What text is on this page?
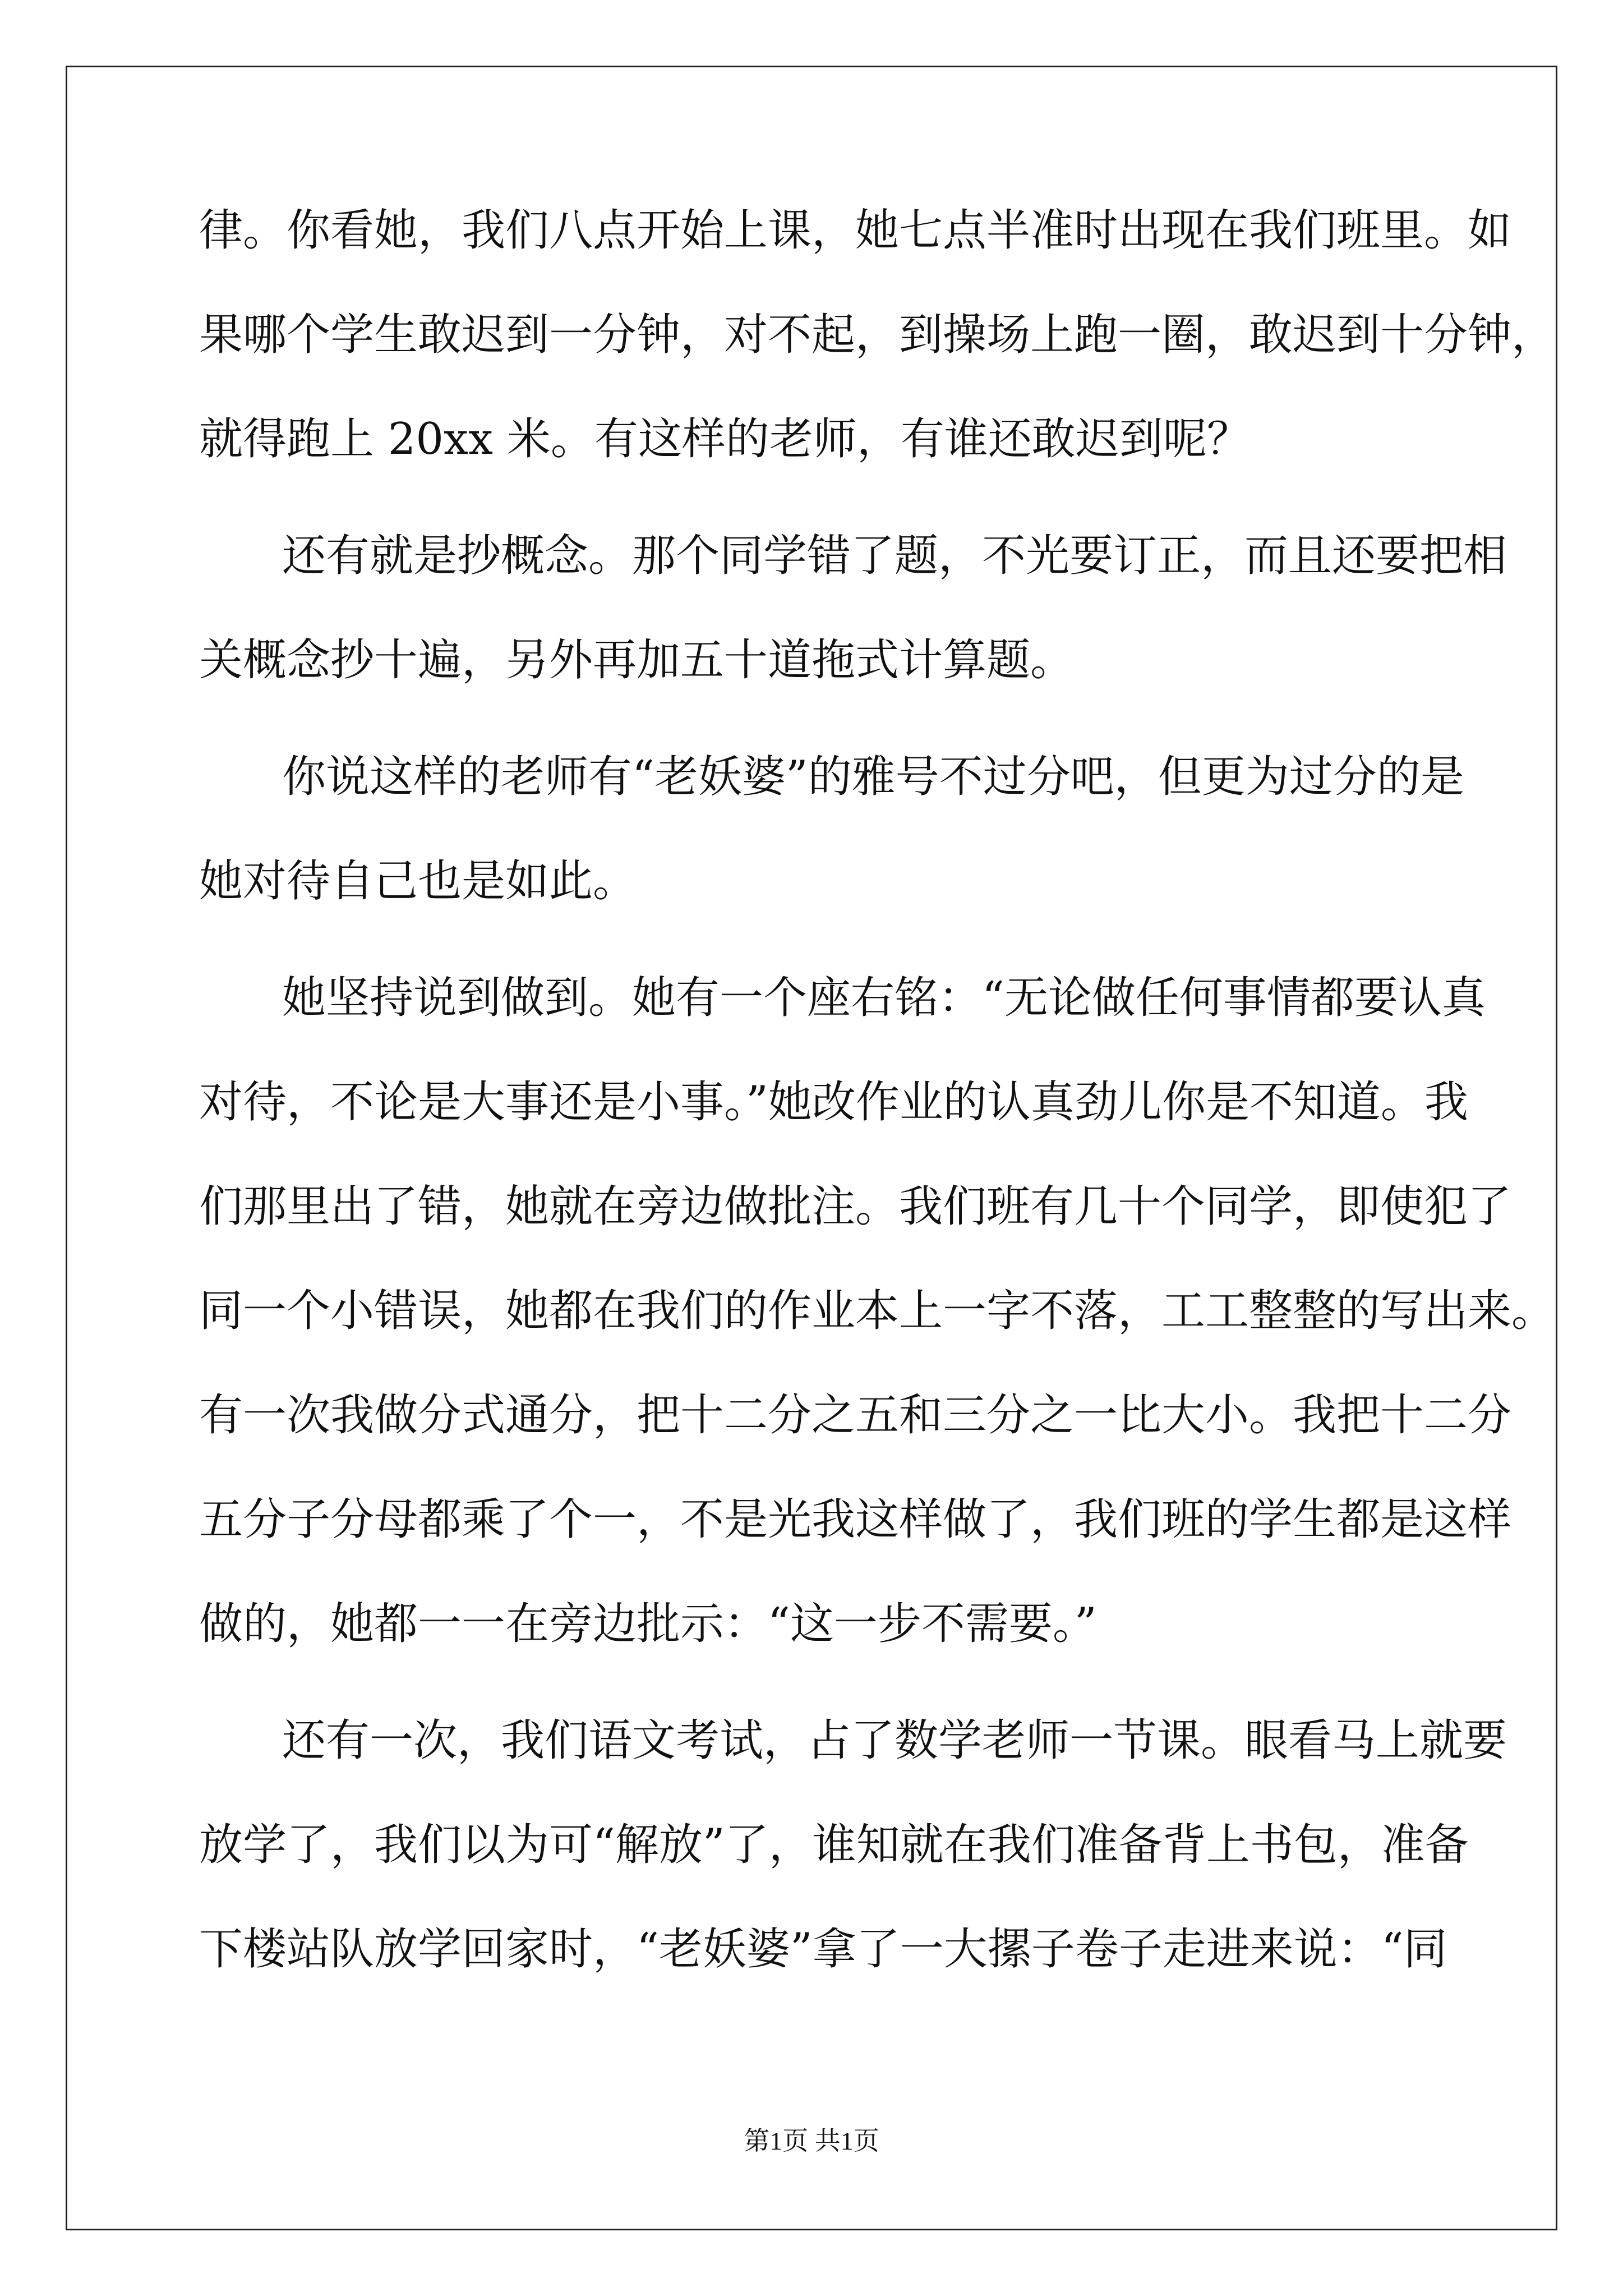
律。你看她，我们八点开始上课，她七点半准时出现在我们班里。如
果哪个学生敢迟到一分钟，对不起，到操场上跑一圈，敢迟到十分钟，
就得跑上 20xx 米。有这样的老师，有谁还敢迟到呢？
还有就是抄概念。那个同学错了题，不光要订正，而且还要把相
关概念抄十遍，另外再加五十道拖式计算题。
你说这样的老师有“老妖婆”的雅号不过分吧，但更为过分的是
她对待自己也是如此。
她坚持说到做到。她有一个座右铭：“无论做任何事情都要认真
对待，不论是大事还是小事。”她改作业的认真劲儿你是不知道。我
们那里出了错，她就在旁边做批注。我们班有几十个同学，即使犯了
同一个小错误，她都在我们的作业本上一字不落，工工整整的写出来。
有一次我做分式通分，把十二分之五和三分之一比大小。我把十二分
五分子分母都乘了个一，不是光我这样做了，我们班的学生都是这样
做的，她都一一在旁边批示：“这一步不需要。”
还有一次，我们语文考试，占了数学老师一节课。眼看马上就要
放学了，我们以为可“解放”了，谁知就在我们准备背上书包，准备
下楼站队放学回家时，“老妖婆”拿了一大摞子卷子走进来说：“同
第1页 共1页
